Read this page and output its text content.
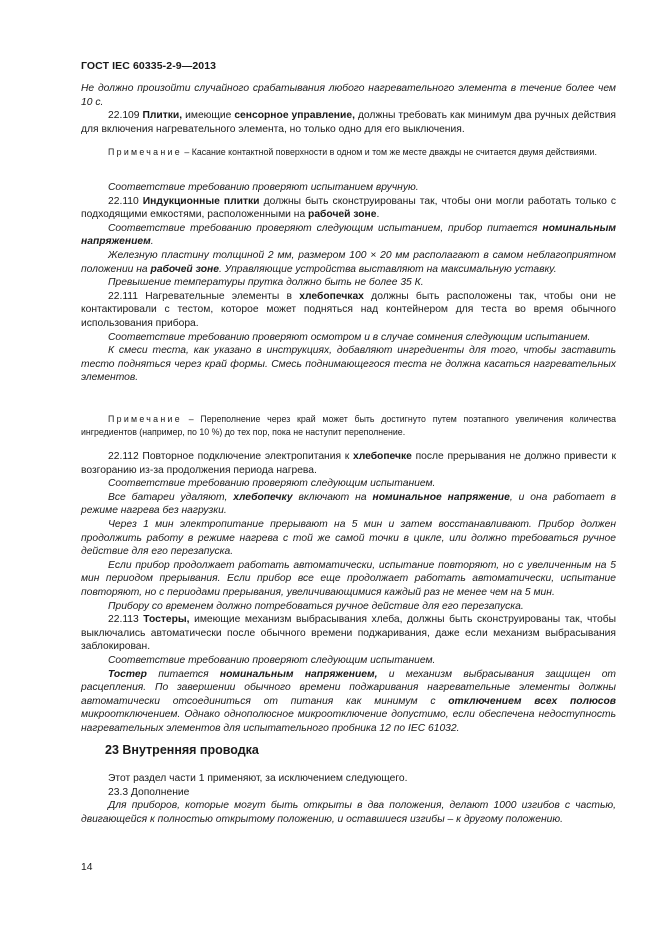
ГОСТ IEC 60335-2-9—2013

Не должно произойти случайного срабатывания любого нагревательного элемента в течение более чем 10 с.

22.109 Плитки, имеющие сенсорное управление, должны требовать как минимум два ручных действия для включения нагревательного элемента, но только одно для его выключения.

Примечание – Касание контактной поверхности в одном и том же месте дважды не считается двумя действиями.

Соответствие требованию проверяют испытанием вручную.

22.110 Индукционные плитки должны быть сконструированы так, чтобы они могли работать только с подходящими емкостями, расположенными на рабочей зоне.

Соответствие требованию проверяют следующим испытанием, прибор питается номинальным напряжением.

Железную пластину толщиной 2 мм, размером 100 × 20 мм располагают в самом неблагоприятном положении на рабочей зоне. Управляющие устройства выставляют на максимальную уставку.

Превышение температуры прутка должно быть не более 35 К.

22.111 Нагревательные элементы в хлебопечках должны быть расположены так, чтобы они не контактировали с тестом, которое может подняться над контейнером для теста во время обычного использования прибора.

Соответствие требованию проверяют осмотром и в случае сомнения следующим испытанием.

К смеси теста, как указано в инструкциях, добавляют ингредиенты для того, чтобы заставить тесто подняться через край формы. Смесь поднимающегося теста не должна касаться нагревательных элементов.

Примечание – Переполнение через край может быть достигнуто путем поэтапного увеличения количества ингредиентов (например, по 10 %) до тех пор, пока не наступит переполнение.

22.112 Повторное подключение электропитания к хлебопечке после прерывания не должно привести к возгоранию из-за продолжения периода нагрева.

Соответствие требованию проверяют следующим испытанием.

Все батареи удаляют, хлебопечку включают на номинальное напряжение, и она работает в режиме нагрева без нагрузки.

Через 1 мин электропитание прерывают на 5 мин и затем восстанавливают. Прибор должен продолжить работу в режиме нагрева с той же самой точки в цикле, или должно требоваться ручное действие для его перезапуска.

Если прибор продолжает работать автоматически, испытание повторяют, но с увеличенным на 5 мин периодом прерывания. Если прибор все еще продолжает работать автоматически, испытание повторяют, но с периодами прерывания, увеличивающимися каждый раз не менее чем на 5 мин.

Прибору со временем должно потребоваться ручное действие для его перезапуска.

22.113 Тостеры, имеющие механизм выбрасывания хлеба, должны быть сконструированы так, чтобы выключались автоматически после обычного времени поджаривания, даже если механизм выбрасывания заблокирован.

Соответствие требованию проверяют следующим испытанием.

Тостер питается номинальным напряжением, и механизм выбрасывания защищен от расцепления. По завершении обычного времени поджаривания нагревательные элементы должны автоматически отсоединиться от питания как минимум с отключением всех полюсов микроотключением. Однако однополюсное микроотключение допустимо, если обеспечена недоступность нагревательных элементов для испытательного пробника 12 по IEC 61032.

23 Внутренняя проводка

Этот раздел части 1 применяют, за исключением следующего.

23.3 Дополнение

Для приборов, которые могут быть открыты в два положения, делают 1000 изгибов с частью, двигающейся к полностью открытому положению, и оставшиеся изгибы – к другому положению.

14
